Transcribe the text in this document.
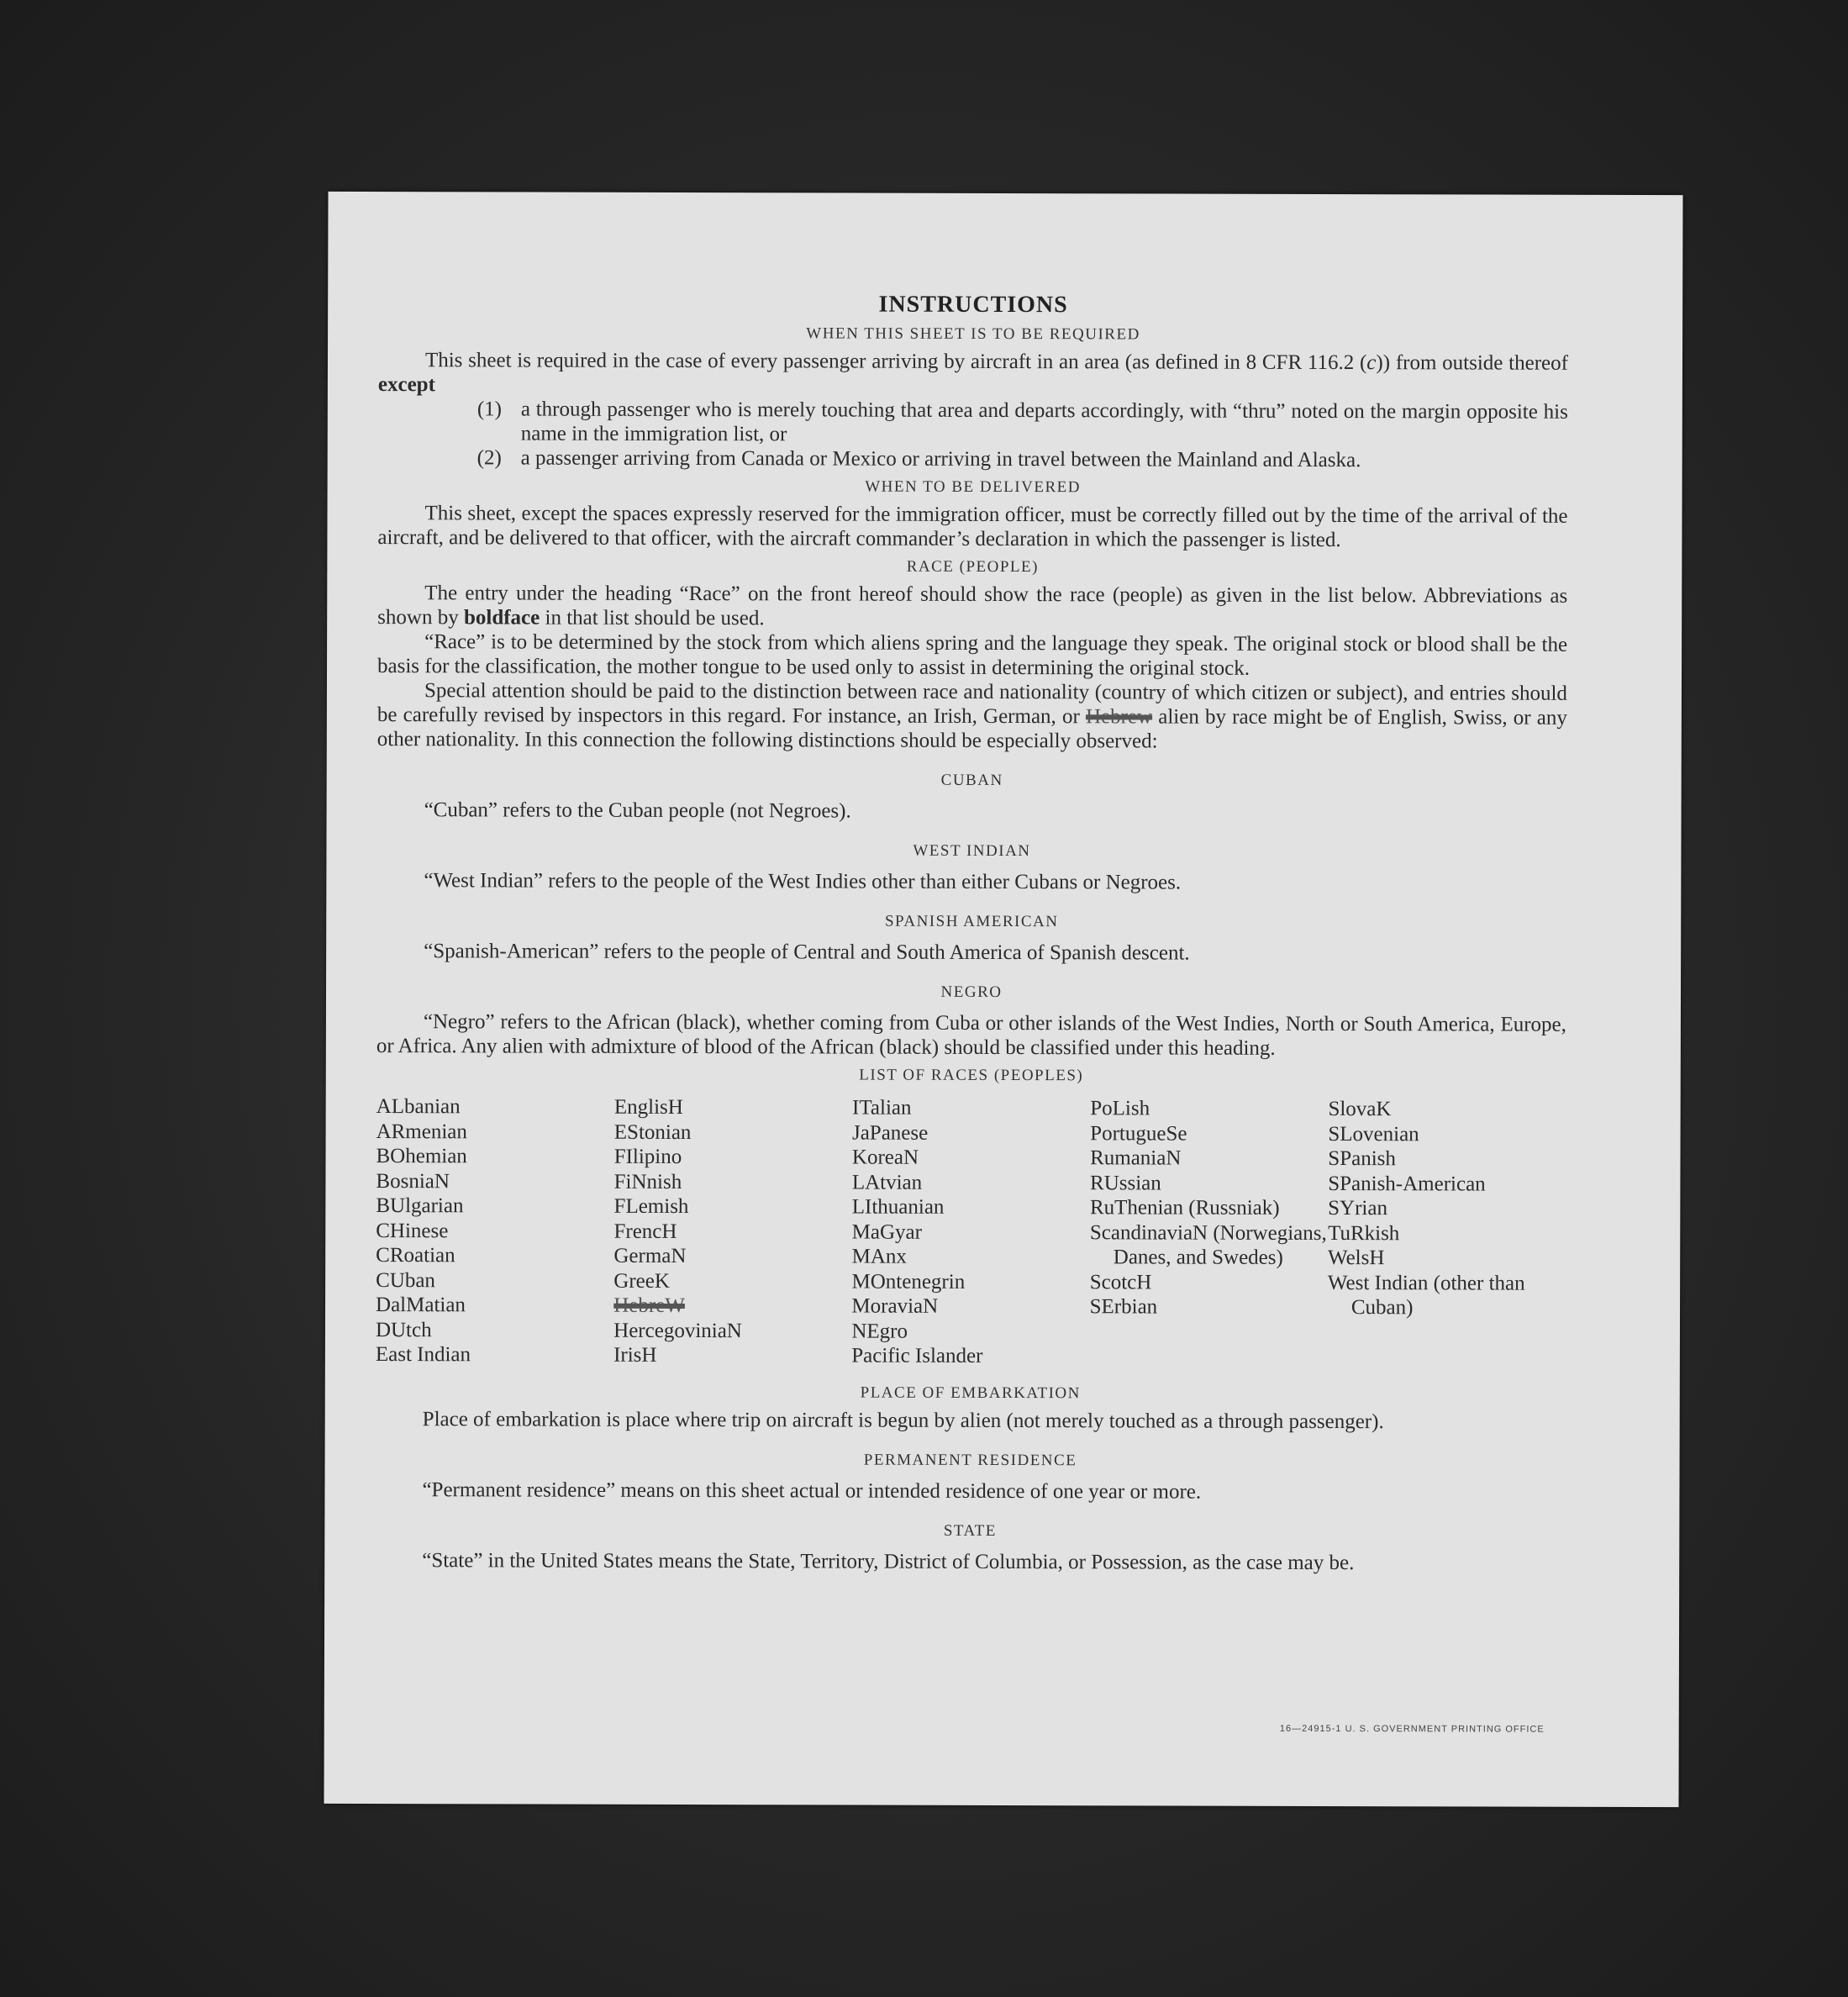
INSTRUCTIONS
WHEN THIS SHEET IS TO BE REQUIRED

This sheet is required in the case of every passenger arriving by aircraft in an area (as defined in 8 CFR 116.2 (c)) from outside thereof except

(1) a through passenger who is merely touching that area and departs accordingly, with “thru” noted on the margin opposite his name in the immigration list, or
(2) a passenger arriving from Canada or Mexico or arriving in travel between the Mainland and Alaska.
WHEN TO BE DELIVERED

This sheet, except the spaces expressly reserved for the immigration officer, must be correctly filled out by the time of the arrival of the aircraft, and be delivered to that officer, with the aircraft commander’s declaration in which the passenger is listed.

RACE (PEOPLE)

The entry under the heading “Race” on the front hereof should show the race (people) as given in the list below. Abbreviations as shown by boldface in that list should be used.

“Race” is to be determined by the stock from which aliens spring and the language they speak. The original stock or blood shall be the basis for the classification, the mother tongue to be used only to assist in determining the original stock.

Special attention should be paid to the distinction between race and nationality (country of which citizen or subject), and entries should be carefully revised by inspectors in this regard. For instance, an Irish, German, or Hebrew alien by race might be of English, Swiss, or any other nationality. In this connection the following distinctions should be especially observed:

CUBAN

“Cuban” refers to the Cuban people (not Negroes).

WEST INDIAN

“West Indian” refers to the people of the West Indies other than either Cubans or Negroes.

SPANISH AMERICAN

“Spanish-American” refers to the people of Central and South America of Spanish descent.

NEGRO

“Negro” refers to the African (black), whether coming from Cuba or other islands of the West Indies, North or South America, Europe, or Africa. Any alien with admixture of blood of the African (black) should be classified under this heading.

LIST OF RACES (PEOPLES)
ALbanian
ARmenian
BOhemian
BosniaN
BUlgarian
CHinese
CRoatian
CUban
DalMatian
DUtch
East Indian
EnglisH
EStonian
FIlipino
FiNnish
FLemish
FrencH
GermaN
GreeK
HebreW
HercegoviniaN
IrisH
ITalian
JaPanese
KoreaN
LAtvian
LIthuanian
MaGyar
MAnx
MOntenegrin
MoraviaN
NEgro
Pacific Islander
PoLish
PortugueSe
RumaniaN
RUssian
RuThenian (Russniak)
ScandinaviaN (Norwegians, Danes, and Swedes)
ScotcH
SErbian
SlovaK
SLovenian
SPanish
SPanish-American
SYrian
TuRkish
WelsH
West Indian (other than Cuban)
PLACE OF EMBARKATION

Place of embarkation is place where trip on aircraft is begun by alien (not merely touched as a through passenger).

PERMANENT RESIDENCE

“Permanent residence” means on this sheet actual or intended residence of one year or more.

STATE

“State” in the United States means the State, Territory, District of Columbia, or Possession, as the case may be.

16—24915-1 U. S. GOVERNMENT PRINTING OFFICE
